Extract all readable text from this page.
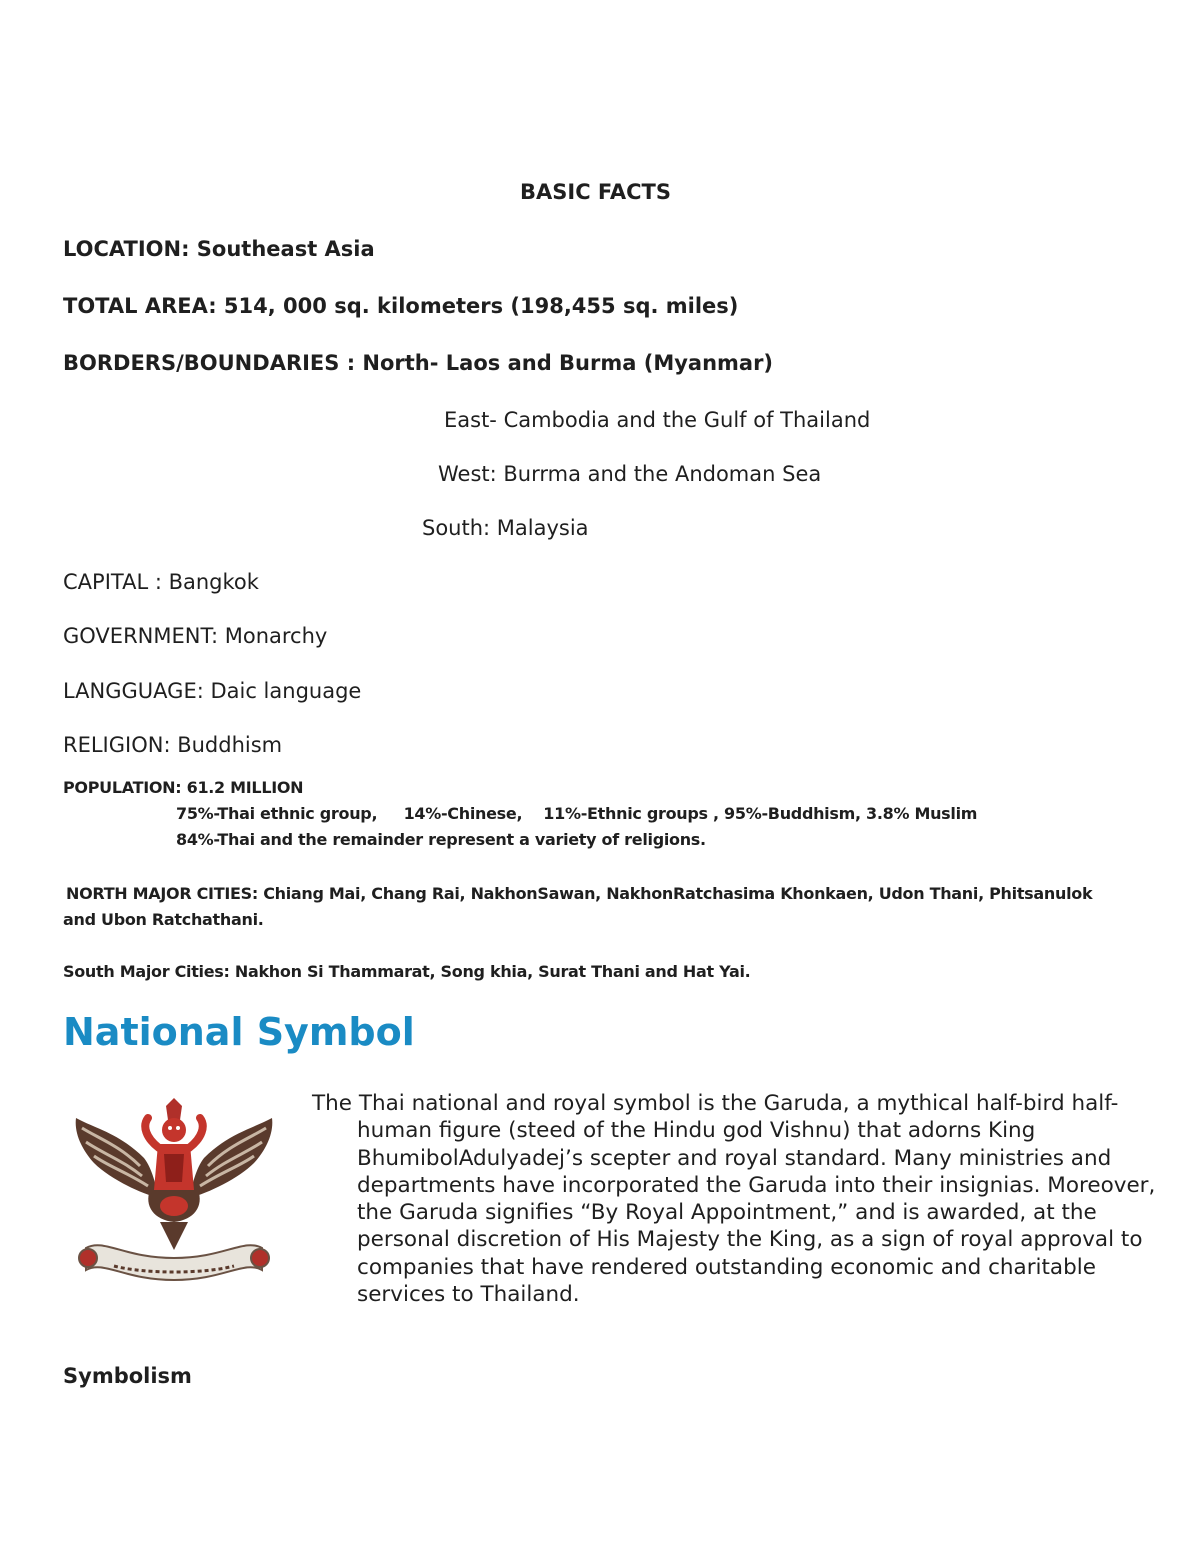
BASIC FACTS
LOCATION: Southeast Asia
TOTAL AREA: 514, 000 sq. kilometers (198,455 sq. miles)
BORDERS/BOUNDARIES : North- Laos and Burma (Myanmar)
East- Cambodia and the Gulf of Thailand
West: Burrma and the Andoman Sea
South: Malaysia
CAPITAL : Bangkok
GOVERNMENT: Monarchy
LANGGUAGE: Daic language
RELIGION: Buddhism
POPULATION: 61.2 MILLION
75%-Thai ethnic group,     14%-Chinese,    11%-Ethnic groups , 95%-Buddhism, 3.8% Muslim
84%-Thai and the remainder represent a variety of religions.
NORTH MAJOR CITIES: Chiang Mai, Chang Rai, NakhonSawan, NakhonRatchasima Khonkaen, Udon Thani, Phitsanulok
and Ubon Ratchathani.
South Major Cities: Nakhon Si Thammarat, Song khia, Surat Thani and Hat Yai.
National Symbol
The Thai national and royal symbol is the Garuda, a mythical half-bird half-human figure (steed of the Hindu god Vishnu) that adorns King BhumibolAdulyadej’s scepter and royal standard. Many ministries and departments have incorporated the Garuda into their insignias. Moreover, the Garuda signifies “By Royal Appointment,” and is awarded, at the personal discretion of His Majesty the King, as a sign of royal approval to companies that have rendered outstanding economic and charitable services to Thailand.
Symbolism
